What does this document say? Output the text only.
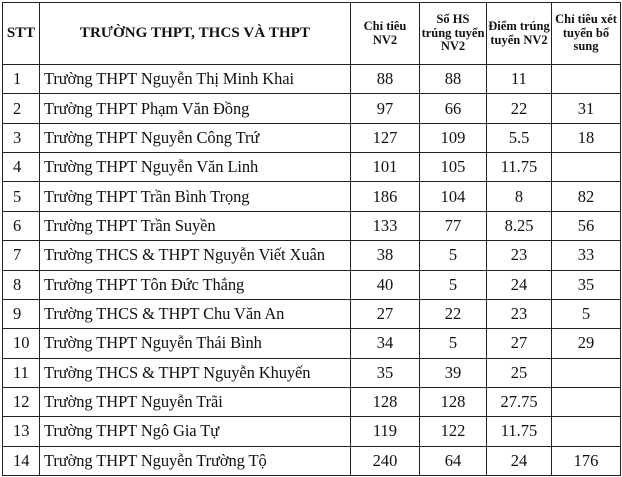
STT	TRƯỜNG THPT, THCS VÀ THPT	Chỉ tiêu NV2	Số HS trúng tuyển NV2	Điểm trúng tuyển NV2	Chỉ tiêu xét tuyển bổ sung
1	Trường THPT Nguyễn Thị Minh Khai	88	88	11	
2	Trường THPT Phạm Văn Đồng	97	66	22	31
3	Trường THPT Nguyễn Công Trứ	127	109	5.5	18
4	Trường THPT Nguyễn Văn Linh	101	105	11.75	
5	Trường THPT Trần Bình Trọng	186	104	8	82
6	Trường THPT Trần Suyền	133	77	8.25	56
7	Trường THCS & THPT Nguyễn Viết Xuân	38	5	23	33
8	Trường THPT Tôn Đức Thắng	40	5	24	35
9	Trường THCS & THPT Chu Văn An	27	22	23	5
10	Trường THPT Nguyễn Thái Bình	34	5	27	29
11	Trường THCS & THPT Nguyễn Khuyến	35	39	25	
12	Trường THPT Nguyễn Trãi	128	128	27.75	
13	Trường THPT Ngô Gia Tự	119	122	11.75	
14	Trường THPT Nguyễn Trường Tộ	240	64	24	176
